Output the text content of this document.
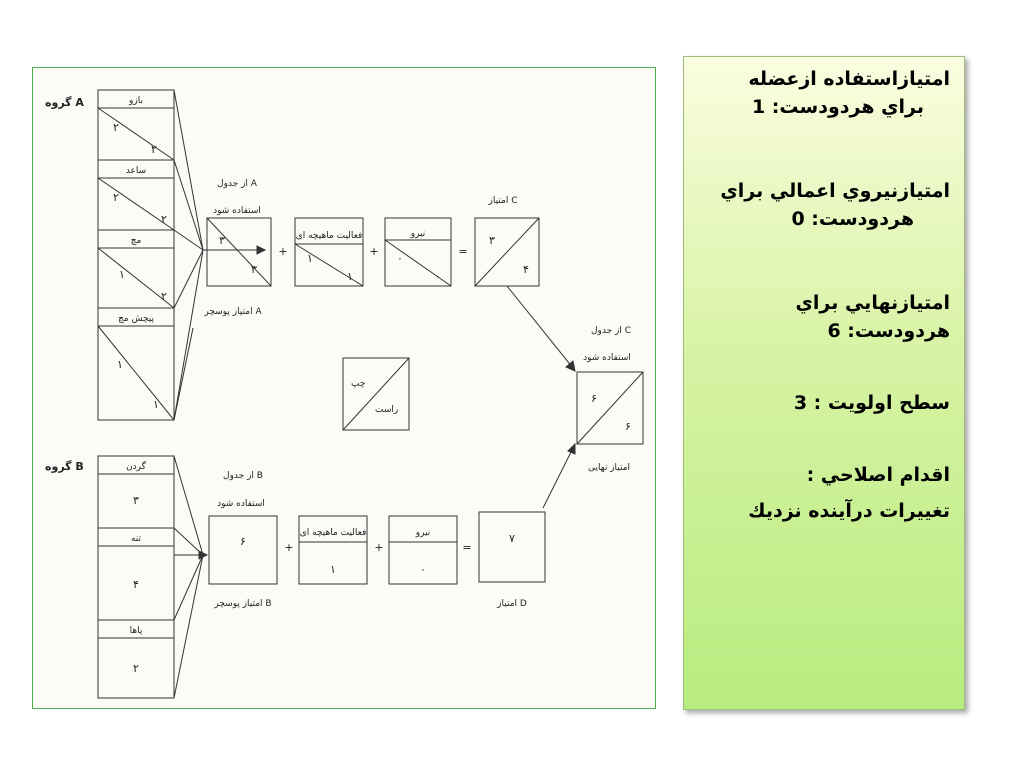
گروه A
گروه B
بازو
٢
٢
ساعد
٢
٢
مچ
١
٢
پيچش مچ
١
١
از جدول A
استفاده شود
امتياز پوسچر A
٣
٣
+
فعاليت ماهيچه اى
١
١
+
نيرو
٠
٠
=
امتياز C
٣
۴
چپ
راست
از جدول C
استفاده شود
امتياز نهايى
۶
۶
گردن
٣
تنه
۴
پاها
٢
از جدول B
استفاده شود
امتياز پوسچر B
۶	+
فعاليت ماهيچه اى
١
+
نيرو
٠
=
٧
امتياز D

امتيازاستفاده ازعضله

براي هردودست: 1

امتيازنيروي اعمالي براي

هردودست: 0

امتيازنهايي براي

هردودست: 6

سطح اولويت : 3

اقدام اصلاحي :

تغييرات درآينده نزديك
